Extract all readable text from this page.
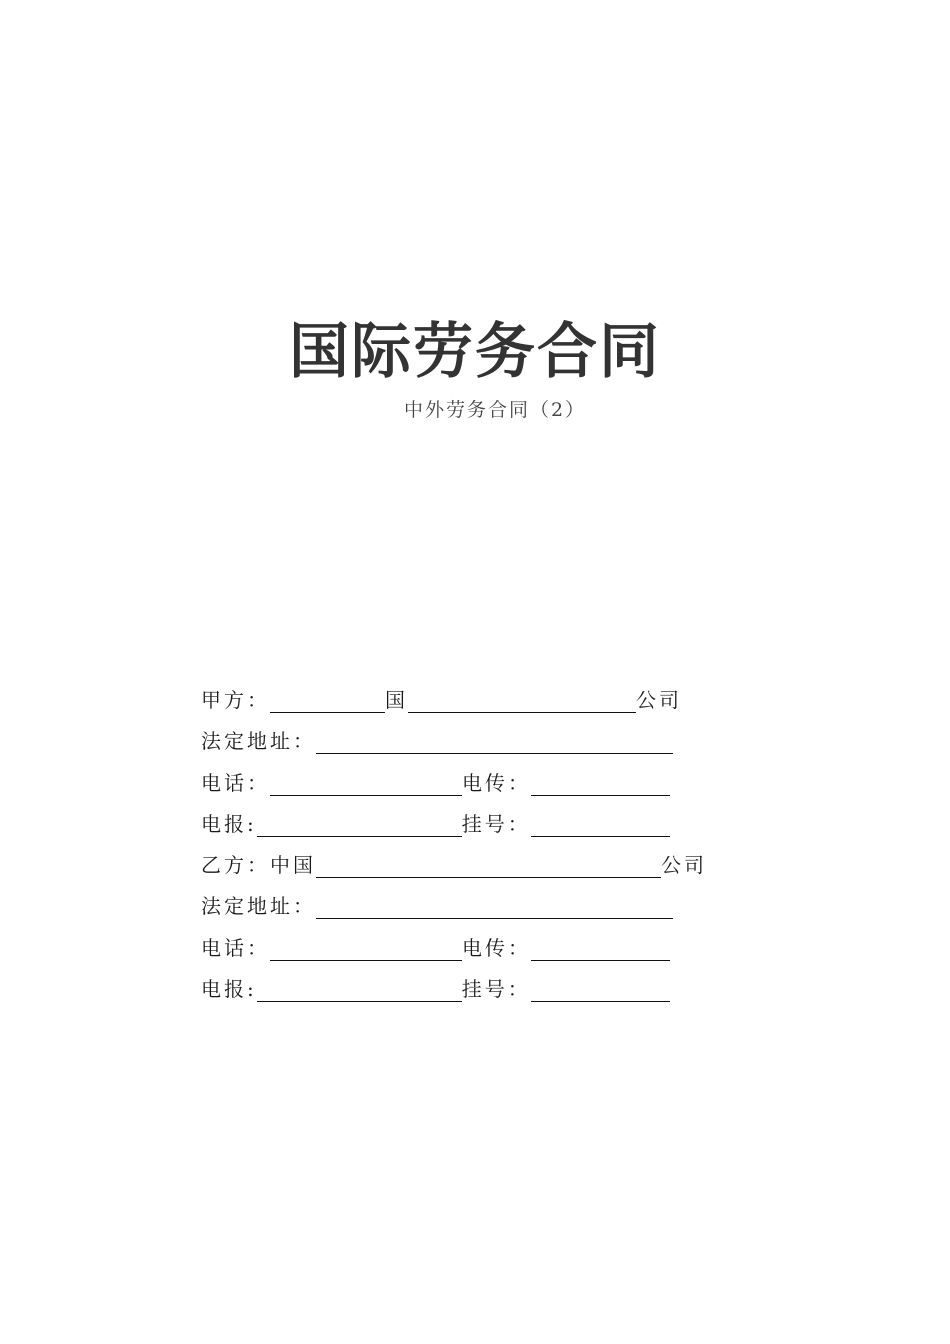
国际劳务合同

中外劳务合同（2）

甲方：	国	公司
法定地址：
电话：	电传：
电报:	挂号：
乙方：中国	公司
法定地址：
电话：	电传：
电报:	挂号：
